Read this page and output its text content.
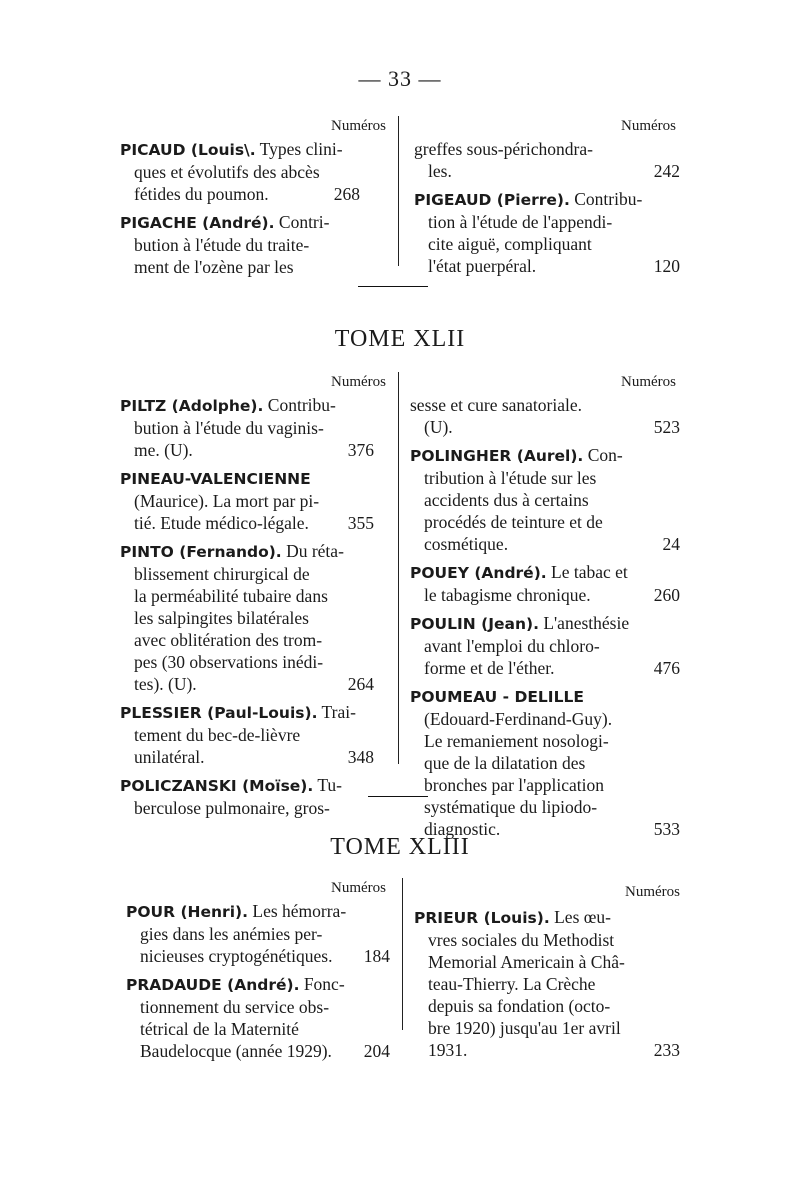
— 33 —
Numéros	Numéros
PICAUD (Louis\. Types clini-
ques et évolutifs des abcès
fétides du poumon.	268
PIGACHE (André). Contri-
bution à l'étude du traite-
ment de l'ozène par les
greffes sous-périchondra-
les.	242
PIGEAUD (Pierre). Contribu-
tion à l'étude de l'appendi-
cite aiguë, compliquant
l'état puerpéral.	120
TOME XLII
Numéros	Numéros
PILTZ (Adolphe). Contribu-
bution à l'étude du vaginis-
me. (U).	376
PINEAU-VALENCIENNE
(Maurice). La mort par pi-
tié. Etude médico-légale.	355
PINTO (Fernando). Du réta-
blissement chirurgical de
la perméabilité tubaire dans
les salpingites bilatérales
avec oblitération des trom-
pes (30 observations inédi-
tes). (U).	264
PLESSIER (Paul-Louis). Trai-
tement du bec-de-lièvre
unilatéral.	348
POLICZANSKI (Moïse). Tu-
berculose pulmonaire, gros-
sesse et cure sanatoriale.
(U).	523
POLINGHER (Aurel). Con-
tribution à l'étude sur les
accidents dus à certains
procédés de teinture et de
cosmétique.	24
POUEY (André). Le tabac et
le tabagisme chronique.	260
POULIN (Jean). L'anesthésie
avant l'emploi du chloro-
forme et de l'éther.	476
POUMEAU - DELILLE
(Edouard-Ferdinand-Guy).
Le remaniement nosologi-
que de la dilatation des
bronches par l'application
systématique du lipiodo-
diagnostic.	533
TOME XLIII
Numéros	Numéros
POUR (Henri). Les hémorra-
gies dans les anémies per-
nicieuses cryptogénétiques.	184
PRADAUDE (André). Fonc-
tionnement du service obs-
tétrical de la Maternité
Baudelocque (année 1929).	204
PRIEUR (Louis). Les œu-
vres sociales du Methodist
Memorial Americain à Châ-
teau-Thierry. La Crèche
depuis sa fondation (octo-
bre 1920) jusqu'au 1er avril
1931.	233
